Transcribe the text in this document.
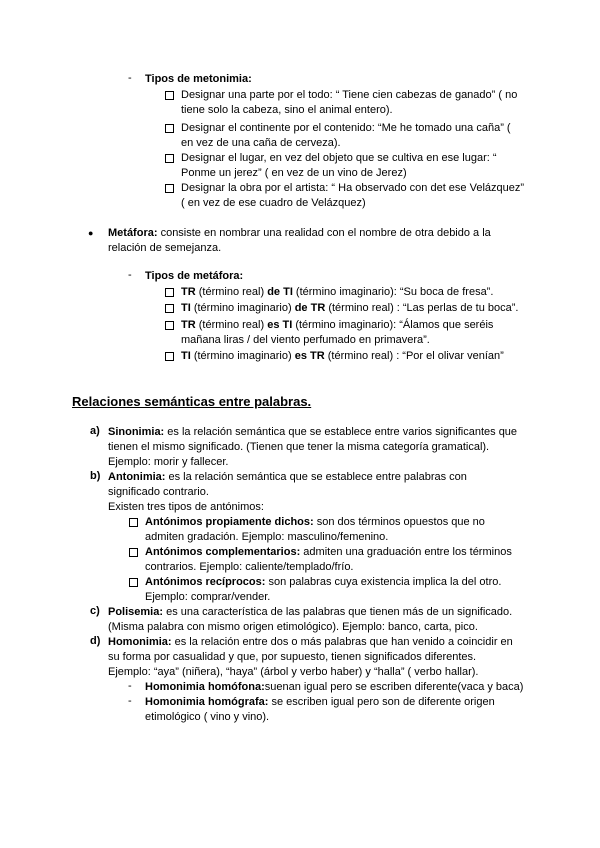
- Tipos de metonimia:
Designar una parte por el todo: “ Tiene cien cabezas de ganado” ( no
tiene solo la cabeza, sino el animal entero).
Designar el continente por el contenido: “Me he tomado una caña” (
en vez de una caña de cerveza).
Designar el lugar, en vez del objeto que se cultiva en ese lugar: “
Ponme un jerez” ( en vez de un vino de Jerez)
Designar la obra por el artista: “ Ha observado con det ese Velázquez”
( en vez de ese cuadro de Velázquez)
● Metáfora: consiste en nombrar una realidad con el nombre de otra debido a la
relación de semejanza.
- Tipos de metáfora:
TR (término real) de TI (término imaginario): “Su boca de fresa”.
TI (término imaginario) de TR (término real) : “Las perlas de tu boca”.
TR (término real) es TI (término imaginario): “Álamos que seréis
mañana liras / del viento perfumado en primavera”.
TI (término imaginario) es TR (término real) : “Por el olivar venían”
Relaciones semánticas entre palabras.
a) Sinonimia: es la relación semántica que se establece entre varios significantes que
tienen el mismo significado. (Tienen que tener la misma categoría gramatical).
Ejemplo: morir y fallecer.
b) Antonimia: es la relación semántica que se establece entre palabras con
significado contrario.
Existen tres tipos de antónimos:
Antónimos propiamente dichos: son dos términos opuestos que no
admiten gradación. Ejemplo: masculino/femenino.
Antónimos complementarios: admiten una graduación entre los términos
contrarios. Ejemplo: caliente/templado/frío.
Antónimos recíprocos: son palabras cuya existencia implica la del otro.
Ejemplo: comprar/vender.
c) Polisemia: es una característica de las palabras que tienen más de un significado.
(Misma palabra con mismo origen etimológico). Ejemplo: banco, carta, pico.
d) Homonimia: es la relación entre dos o más palabras que han venido a coincidir en
su forma por casualidad y que, por supuesto, tienen significados diferentes.
Ejemplo: “aya” (niñera), “haya” (árbol y verbo haber) y “halla” ( verbo hallar).
- Homonimia homófona:suenan igual pero se escriben diferente(vaca y baca)
- Homonimia homógrafa: se escriben igual pero son de diferente origen
etimológico ( vino y vino).
